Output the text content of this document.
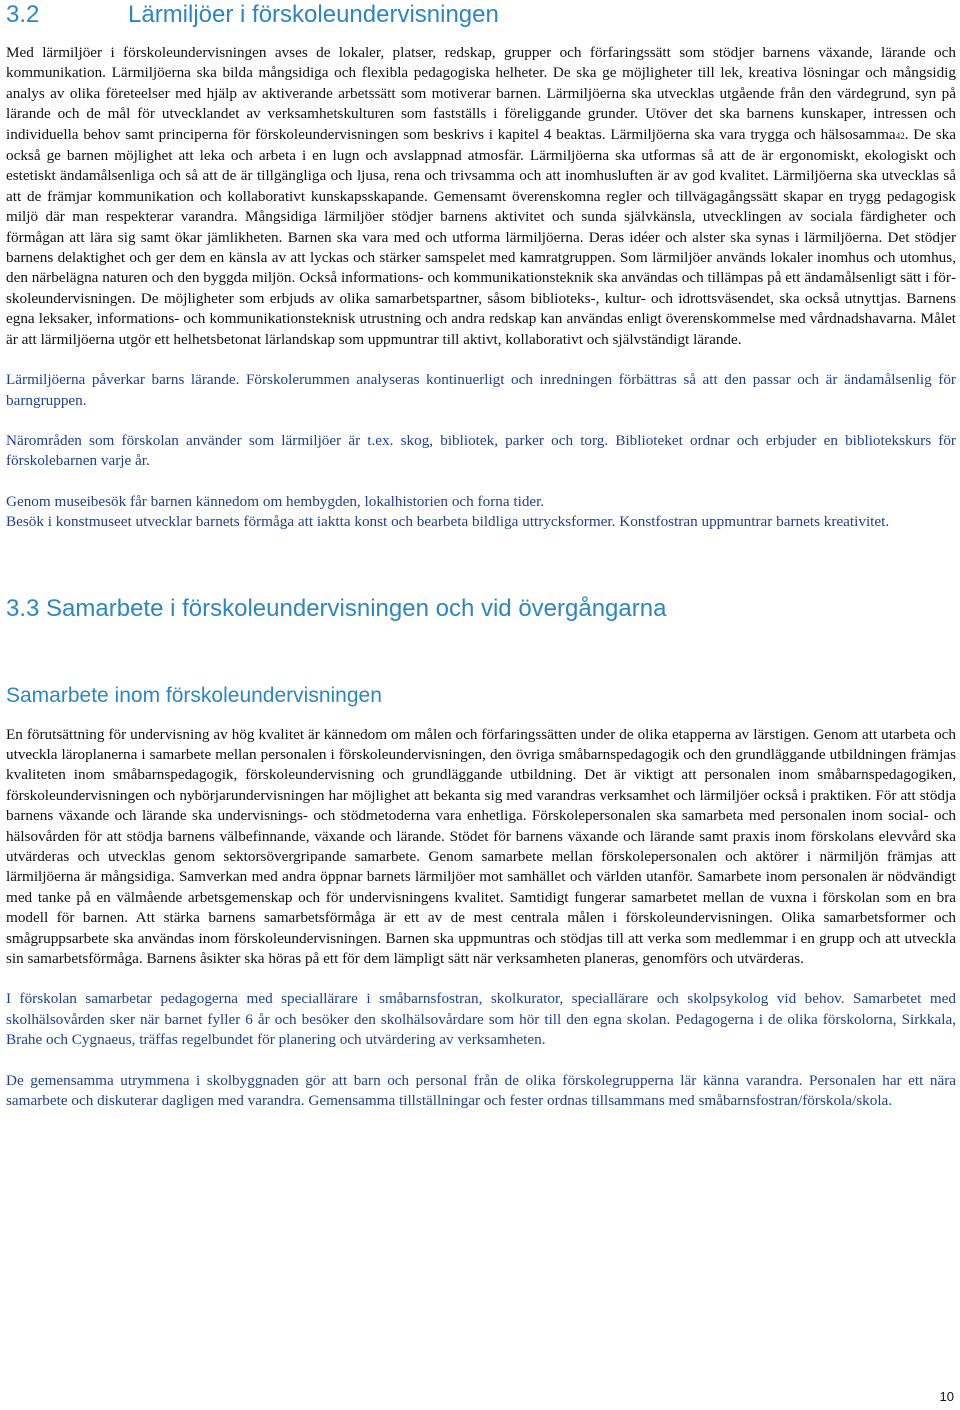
3.2	Lärmiljöer i förskoleundervisningen

Med lärmiljöer i förskoleundervisningen avses de lokaler, platser, redskap, grupper och förfaringssätt som stödjer barnens växande, lärande och kommunikation. Lärmiljöerna ska bilda mångsidiga och flexibla pedagogiska helheter. De ska ge möjligheter till lek, kreativa lösningar och mångsidig analys av olika företeelser med hjälp av aktiverande arbetssätt som motiverar barnen. Lärmiljöerna ska utvecklas utgående från den värdegrund, syn på lärande och de mål för utvecklandet av verksamhetskulturen som fastställs i föreliggande grunder. Utöver det ska barnens kunskaper, intressen och individuella behov samt principerna för förskoleundervisningen som beskrivs i kapitel 4 beaktas. Lärmiljöerna ska vara trygga och hälsosamma42. De ska också ge barnen möjlighet att leka och arbeta i en lugn och avslappnad atmosfär. Lärmiljöerna ska utformas så att de är ergonomiskt, ekologiskt och estetiskt ändamålsenliga och så att de är tillgängliga och ljusa, rena och trivsamma och att inomhusluften är av god kvalitet. Lärmiljöerna ska utvecklas så att de främjar kommunikation och kollaborativt kunskapsskapande. Gemensamt överenskomna regler och tillvägagångssätt skapar en trygg pedagogisk miljö där man respekterar varandra. Mångsidiga lärmiljöer stödjer barnens aktivitet och sunda självkänsla, utvecklingen av sociala färdigheter och förmågan att lära sig samt ökar jämlikheten. Barnen ska vara med och utforma lärmiljöerna. Deras idéer och alster ska synas i lärmiljöerna. Det stödjer barnens delaktighet och ger dem en känsla av att lyckas och stärker samspelet med kamratgruppen. Som lärmiljöer används lokaler inomhus och utomhus, den närbelägna naturen och den byggda miljön. Också informations- och kommunikationsteknik ska användas och tillämpas på ett ändamålsenligt sätt i förskoleundervisningen. De möjligheter som erbjuds av olika samarbetspartner, såsom biblioteks-, kultur- och idrottsväsendet, ska också utnyttjas. Barnens egna leksaker, informations- och kommunikationsteknisk utrustning och andra redskap kan användas enligt överenskommelse med vårdnadshavarna. Målet är att lärmiljöerna utgör ett helhetsbetonat lärlandskap som uppmuntrar till aktivt, kollaborativt och självständigt lärande.

Lärmiljöerna påverkar barns lärande. Förskolerummen analyseras kontinuerligt och inredningen förbättras så att den passar och är ändamålsenlig för barngruppen.

Närområden som förskolan använder som lärmiljöer är t.ex. skog, bibliotek, parker och torg. Biblioteket ordnar och erbjuder en bibliotekskurs för förskolebarnen varje år.

Genom museibesök får barnen kännedom om hembygden, lokalhistorien och forna tider.

Besök i konstmuseet utvecklar barnets förmåga att iaktta konst och bearbeta bildliga uttrycksformer. Konstfostran uppmuntrar barnets kreativitet.

3.3 Samarbete i förskoleundervisningen och vid övergångarna
Samarbete inom förskoleundervisningen

En förutsättning för undervisning av hög kvalitet är kännedom om målen och förfaringssätten under de olika etapperna av lärstigen. Genom att utarbeta och utveckla läroplanerna i samarbete mellan personalen i förskoleundervisningen, den övriga småbarnspedagogik och den grundläggande utbildningen främjas kvaliteten inom småbarnspedagogik, förskoleundervisning och grundläggande utbildning. Det är viktigt att personalen inom småbarnspedagogiken, förskoleundervisningen och nybörjarundervisningen har möjlighet att bekanta sig med varandras verksamhet och lärmiljöer också i praktiken. För att stödja barnens växande och lärande ska undervisnings- och stödmetoderna vara enhetliga. Förskolepersonalen ska samarbeta med personalen inom social- och hälsovården för att stödja barnens välbefinnande, växande och lärande. Stödet för barnens växande och lärande samt praxis inom förskolans elevvård ska utvärderas och utvecklas genom sektorsövergripande samarbete. Genom samarbete mellan förskolepersonalen och aktörer i närmiljön främjas att lärmiljöerna är mångsidiga. Samverkan med andra öppnar barnets lärmiljöer mot samhället och världen utanför. Samarbete inom personalen är nödvändigt med tanke på en välmående arbetsgemenskap och för undervisningens kvalitet. Samtidigt fungerar samarbetet mellan de vuxna i förskolan som en bra modell för barnen. Att stärka barnens samarbetsförmåga är ett av de mest centrala målen i förskoleundervisningen. Olika samarbetsformer och smågruppsarbete ska användas inom förskoleundervisningen. Barnen ska uppmuntras och stödjas till att verka som medlemmar i en grupp och att utveckla sin samarbetsförmåga. Barnens åsikter ska höras på ett för dem lämpligt sätt när verksamheten planeras, genomförs och utvärderas.

I förskolan samarbetar pedagogerna med speciallärare i småbarnsfostran, skolkurator, speciallärare och skolpsykolog vid behov. Samarbetet med skolhälsovården sker när barnet fyller 6 år och besöker den skolhälsovårdare som hör till den egna skolan. Pedagogerna i de olika förskolorna, Sirkkala, Brahe och Cygnaeus, träffas regelbundet för planering och utvärdering av verksamheten.

De gemensamma utrymmena i skolbyggnaden gör att barn och personal från de olika förskolegrupperna lär känna varandra. Personalen har ett nära samarbete och diskuterar dagligen med varandra. Gemensamma tillställningar och fester ordnas tillsammans med småbarnsfostran/förskola/skola.

10
